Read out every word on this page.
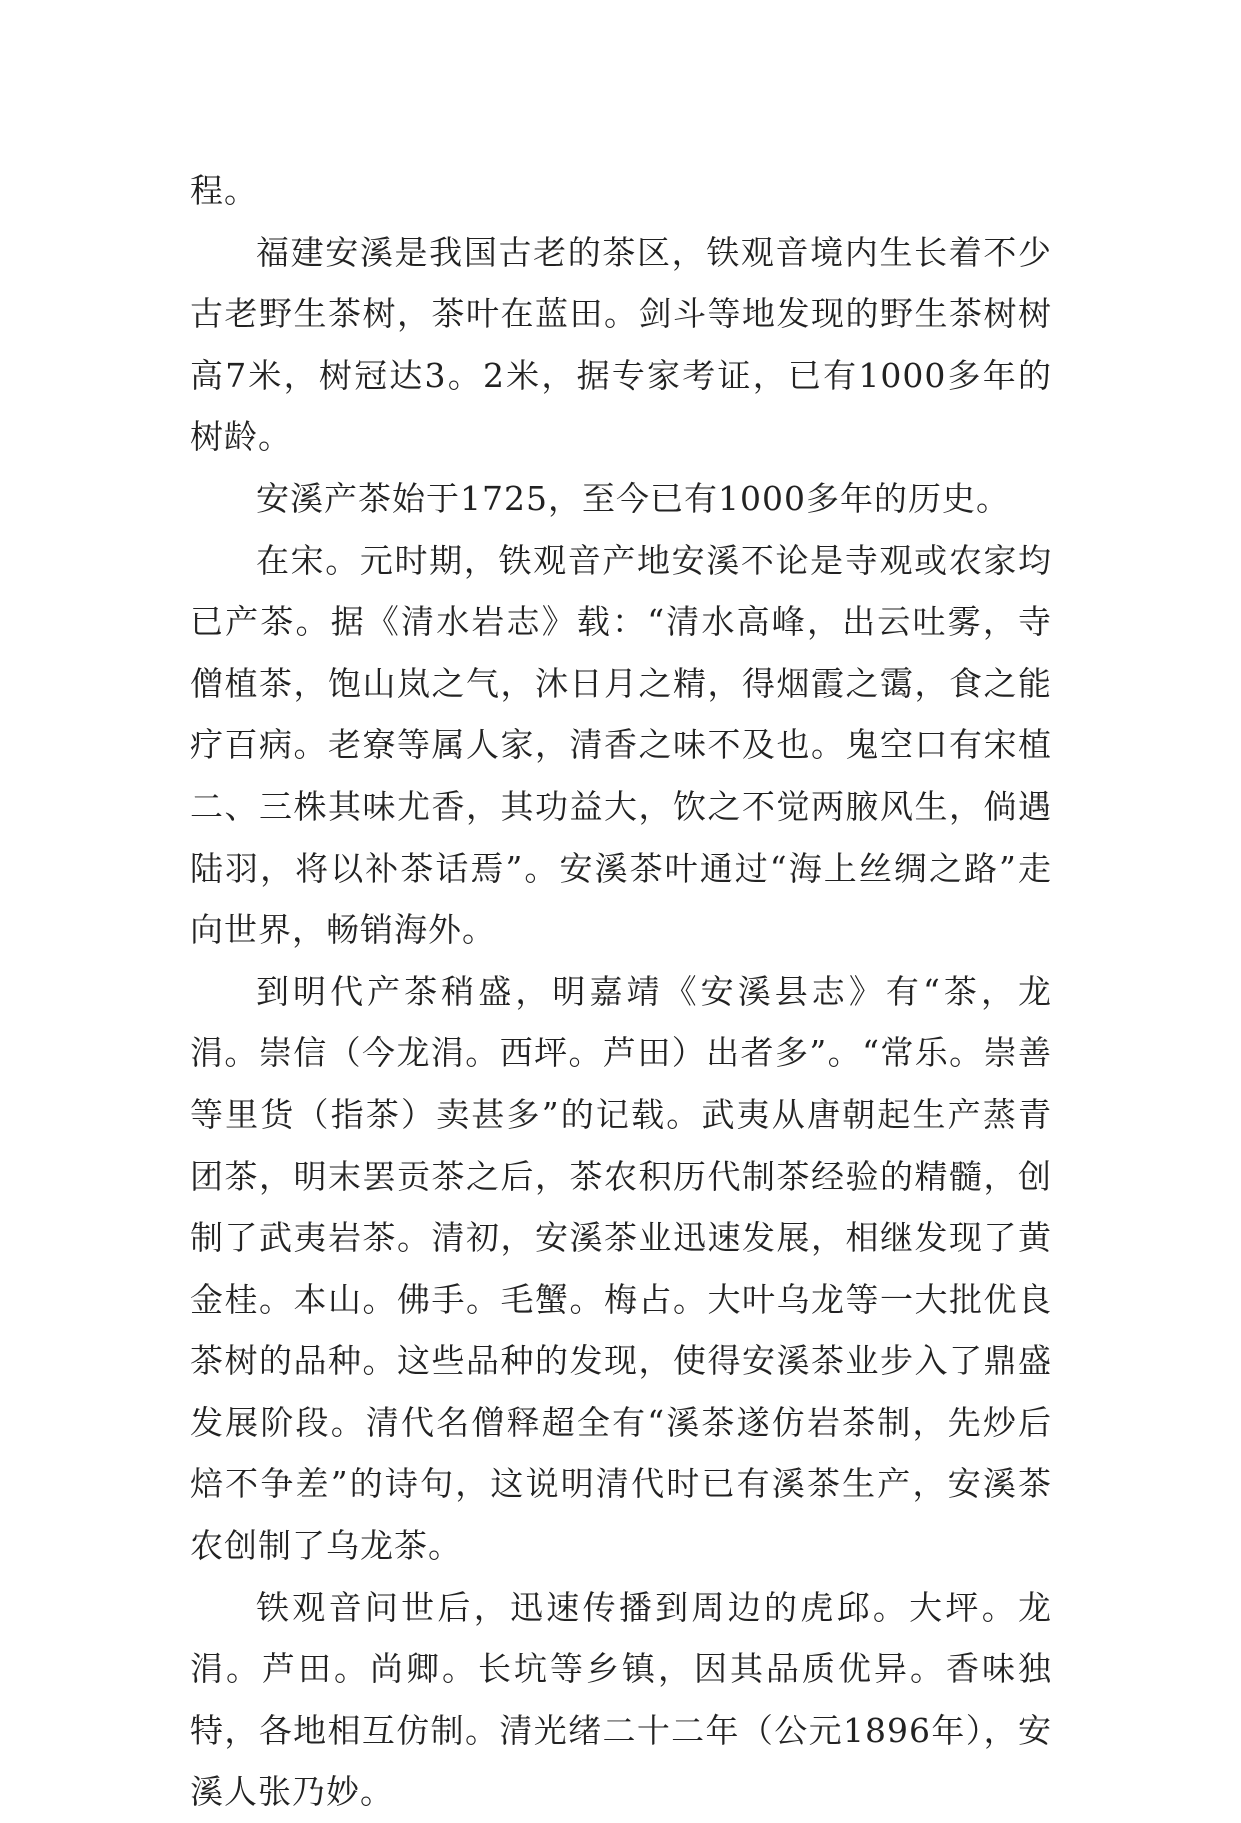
程。

福建安溪是我国古老的茶区，铁观音境内生长着不少古老野生茶树，茶叶在蓝田。剑斗等地发现的野生茶树树高7米，树冠达3。2米，据专家考证，已有1000多年的树龄。

安溪产茶始于1725，至今已有1000多年的历史。

在宋。元时期，铁观音产地安溪不论是寺观或农家均已产茶。据《清水岩志》载：“清水高峰，出云吐雾，寺僧植茶，饱山岚之气，沐日月之精，得烟霞之霭，食之能疗百病。老寮等属人家，清香之味不及也。鬼空口有宋植二、三株其味尤香，其功益大，饮之不觉两腋风生，倘遇陆羽，将以补茶话焉”。安溪茶叶通过“海上丝绸之路”走向世界，畅销海外。

到明代产茶稍盛，明嘉靖《安溪县志》有“茶，龙涓。崇信（今龙涓。西坪。芦田）出者多”。“常乐。崇善等里货（指茶）卖甚多”的记载。武夷从唐朝起生产蒸青团茶，明末罢贡茶之后，茶农积历代制茶经验的精髓，创制了武夷岩茶。清初，安溪茶业迅速发展，相继发现了黄金桂。本山。佛手。毛蟹。梅占。大叶乌龙等一大批优良茶树的品种。这些品种的发现，使得安溪茶业步入了鼎盛发展阶段。清代名僧释超全有“溪茶遂仿岩茶制，先炒后焙不争差”的诗句，这说明清代时已有溪茶生产，安溪茶农创制了乌龙茶。

铁观音问世后，迅速传播到周边的虎邱。大坪。龙涓。芦田。尚卿。长坑等乡镇，因其品质优异。香味独特，各地相互仿制。清光绪二十二年（公元1896年），安溪人张乃妙。
